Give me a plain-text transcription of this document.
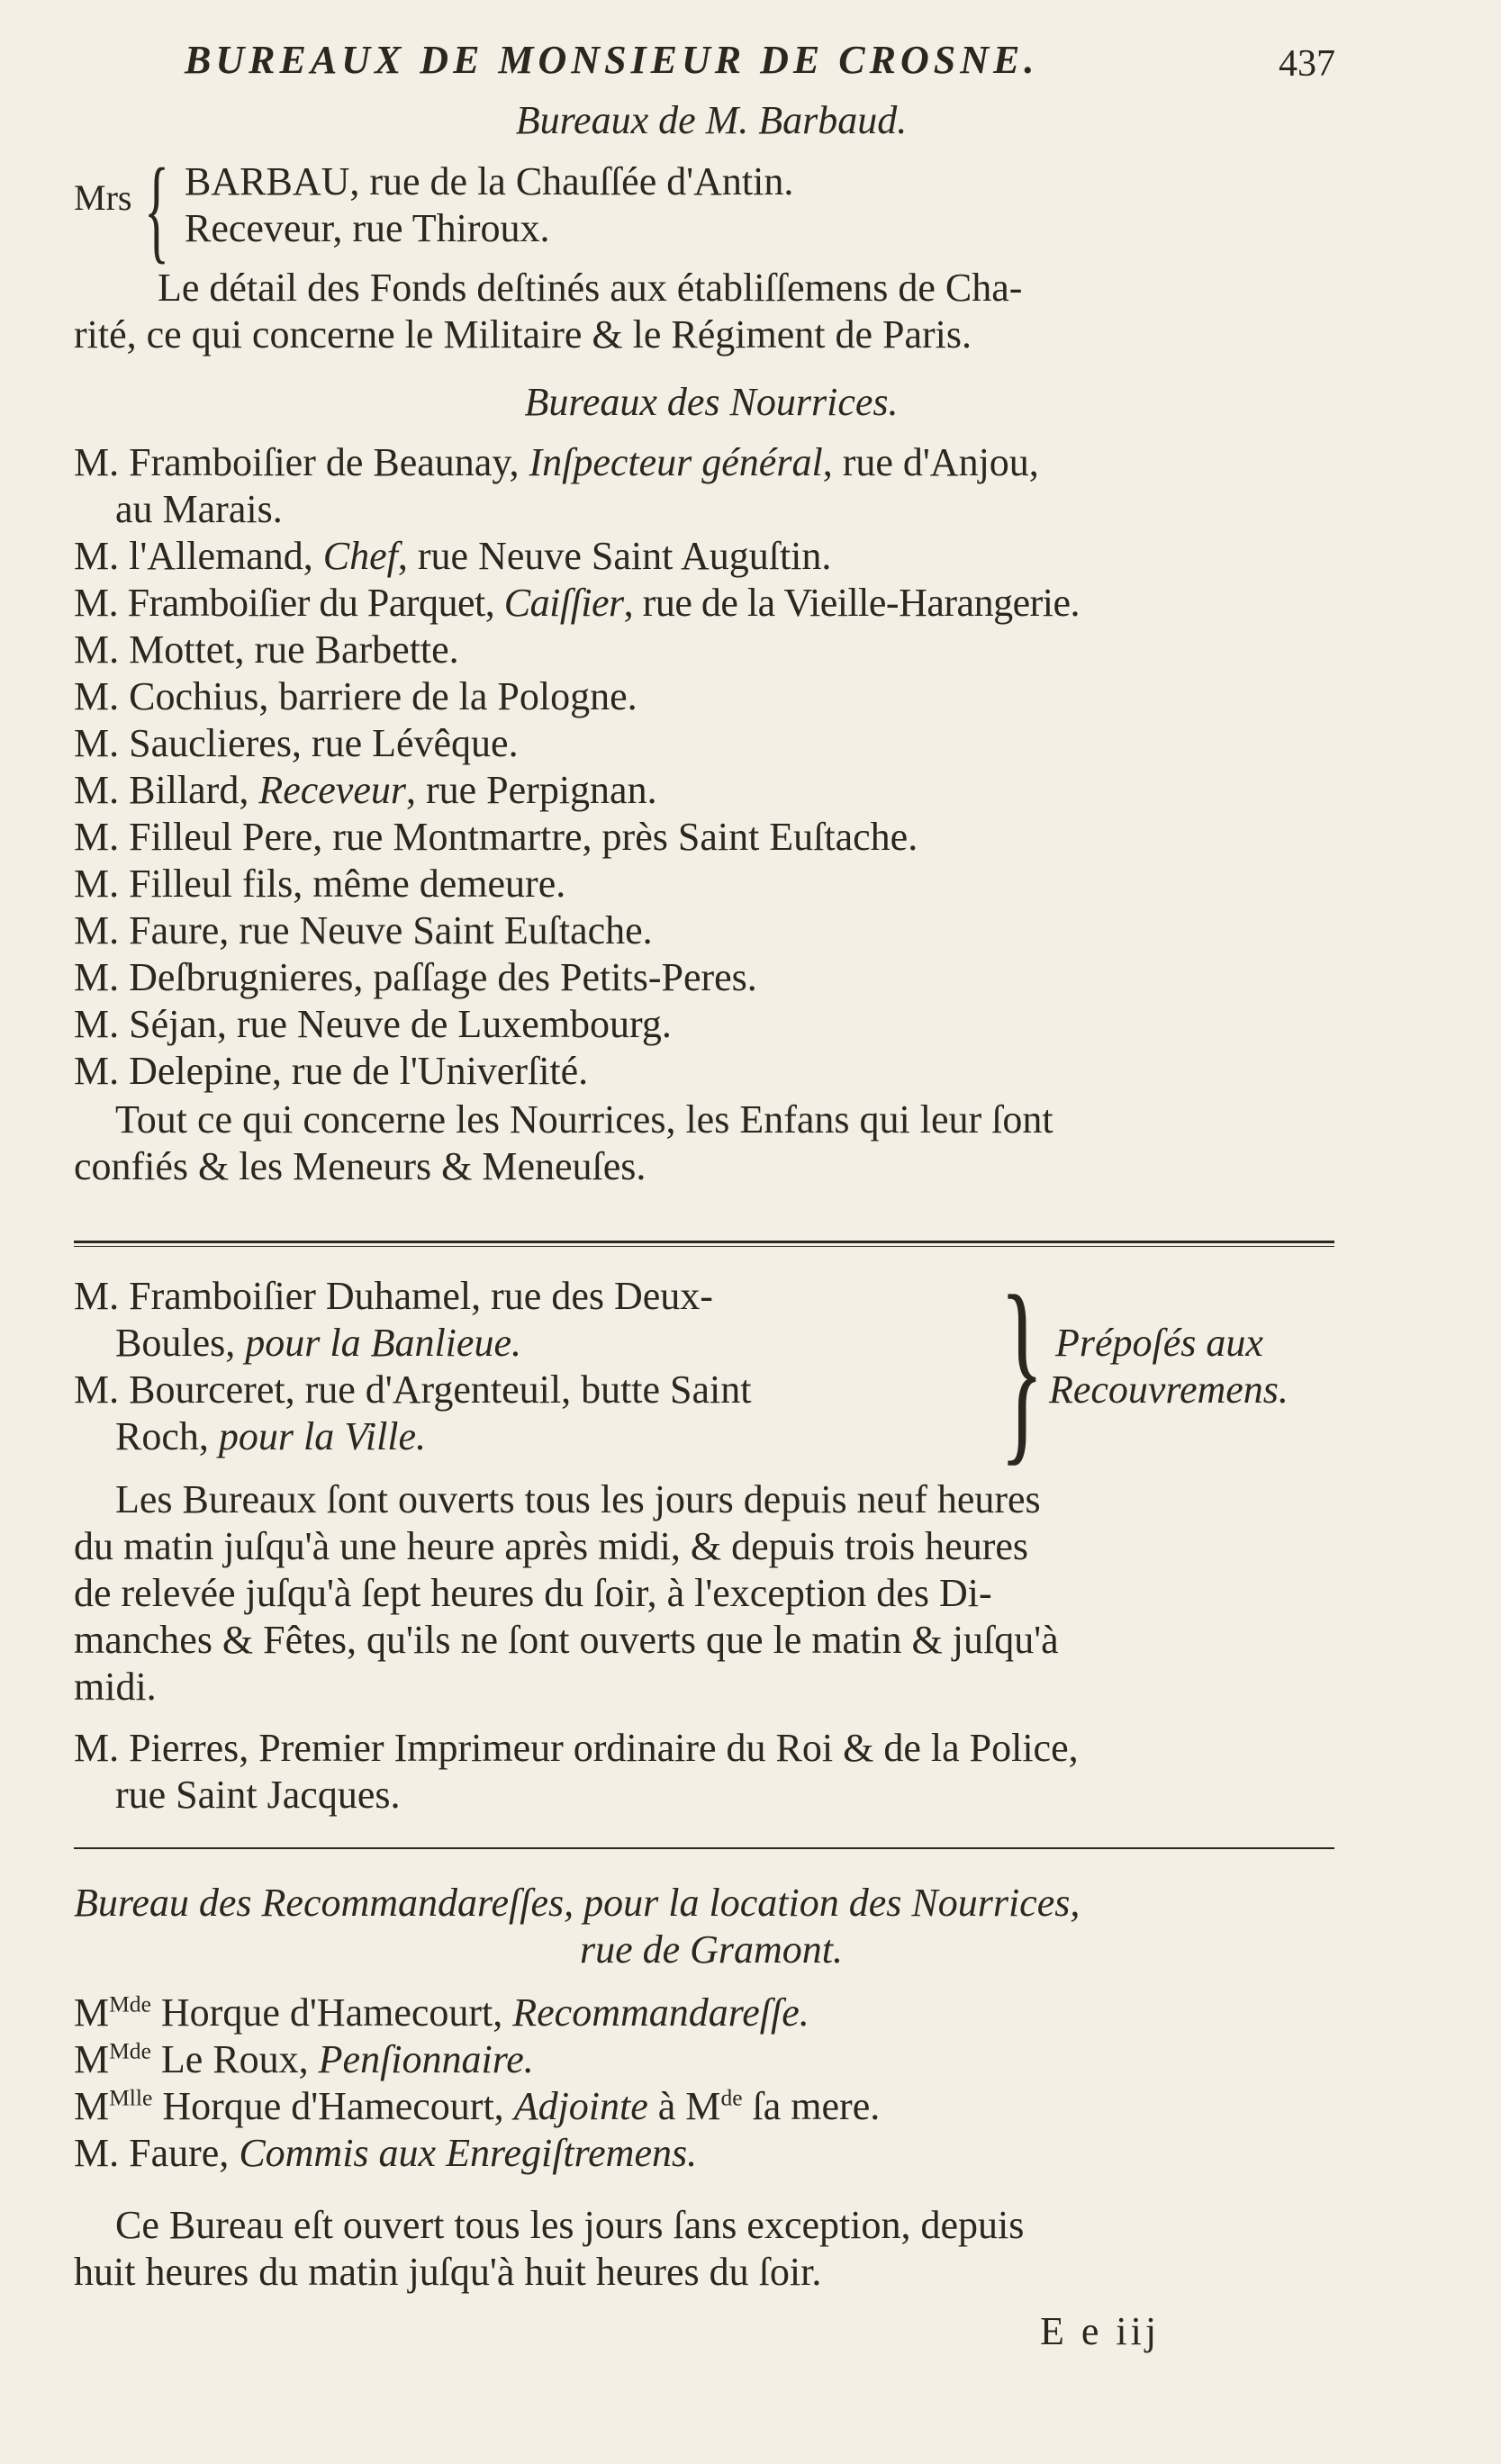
BUREAUX DE MONSIEUR DE CROSNE.	437
Bureaux de M. Barbaud.
Mrs { BARBAU, rue de la Chauſſée d'Antin.
Receveur, rue Thiroux.
Le détail des Fonds deſtinés aux établiſſemens de Cha-
rité, ce qui concerne le Militaire & le Régiment de Paris.
Bureaux des Nourrices.
M. Framboiſier de Beaunay, Inſpecteur général, rue d'Anjou,
au Marais.
M. l'Allemand, Chef, rue Neuve Saint Auguſtin.
M. Framboiſier du Parquet, Caiſſier, rue de la Vieille-Harangerie.
M. Mottet, rue Barbette.
M. Cochius, barriere de la Pologne.
M. Sauclieres, rue Lévêque.
M. Billard, Receveur, rue Perpignan.
M. Filleul Pere, rue Montmartre, près Saint Euſtache.
M. Filleul fils, même demeure.
M. Faure, rue Neuve Saint Euſtache.
M. Deſbrugnieres, paſſage des Petits-Peres.
M. Séjan, rue Neuve de Luxembourg.
M. Delepine, rue de l'Univerſité.
Tout ce qui concerne les Nourrices, les Enfans qui leur ſont
confiés & les Meneurs & Meneuſes.
M. Framboiſier Duhamel, rue des Deux-
Boules, pour la Banlieue.
M. Bourceret, rue d'Argenteuil, butte Saint
Roch, pour la Ville.	} Prépoſés aux
Recouvremens.
Les Bureaux ſont ouverts tous les jours depuis neuf heures
du matin juſqu'à une heure après midi, & depuis trois heures
de relevée juſqu'à ſept heures du ſoir, à l'exception des Di-
manches & Fêtes, qu'ils ne ſont ouverts que le matin & juſqu'à
midi.
M. Pierres, Premier Imprimeur ordinaire du Roi & de la Police,
rue Saint Jacques.
Bureau des Recommandareſſes, pour la location des Nourrices,
rue de Gramont.
$M^{Mde}$ Horque d'Hamecourt, Recommandareſſe.
$M^{Mde}$ Le Roux, Penſionnaire.
$M^{Mlle}$ Horque d'Hamecourt, Adjointe à Mde ſa mere.
M. Faure, Commis aux Enregiſtremens.
Ce Bureau eſt ouvert tous les jours ſans exception, depuis
huit heures du matin juſqu'à huit heures du ſoir.
E e iij
